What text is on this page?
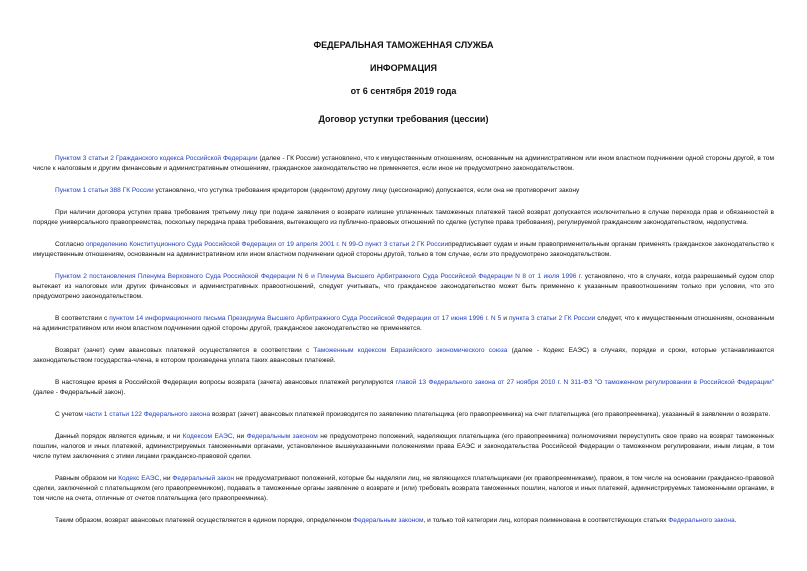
ФЕДЕРАЛЬНАЯ ТАМОЖЕННАЯ СЛУЖБА
ИНФОРМАЦИЯ
от 6 сентября 2019 года
Договор уступки требования (цессии)

Пунктом 3 статьи 2 Гражданского кодекса Российской Федерации (далее - ГК России) установлено, что к имущественным отношениям, основанным на административном или ином властном подчинении одной стороны другой, в том числе к налоговым и другим финансовым и административным отношениям, гражданское законодательство не применяется, если иное не предусмотрено законодательством.

Пунктом 1 статьи 388 ГК России установлено, что уступка требования кредитором (цедентом) другому лицу (цессионарию) допускается, если она не противоречит закону

При наличии договора уступки права требования третьему лицу при подаче заявления о возврате излишне уплаченных таможенных платежей такой возврат допускается исключительно в случае перехода прав и обязанностей в порядке универсального правопреемства, поскольку передача права требования, вытекающего из публично-правовых отношений по сделке (уступке права требования), регулируемой гражданским законодательством, недопустима.

Согласно определению Конституционного Суда Российской Федерации от 19 апреля 2001 г. N 99-О пункт 3 статьи 2 ГК Россиипредписывает судам и иным правоприменительным органам применять гражданское законодательство к имущественным отношениям, основанным на административном или ином властном подчинении одной стороны другой, только в том случае, если это предусмотрено законодательством.

Пунктом 2 постановления Пленума Верховного Суда Российской Федерации N 6 и Пленума Высшего Арбитражного Суда Российской Федерации N 8 от 1 июля 1996 г. установлено, что в случаях, когда разрешаемый судом спор вытекает из налоговых или других финансовых и административных правоотношений, следует учитывать, что гражданское законодательство может быть применено к указанным правоотношениям только при условии, что это предусмотрено законодательством.

В соответствии с пунктом 14 информационного письма Президиума Высшего Арбитражного Суда Российской Федерации от 17 июня 1996 г. N 5 и пункта 3 статьи 2 ГК России следует, что к имущественным отношениям, основанным на административном или ином властном подчинении одной стороны другой, гражданское законодательство не применяется.

Возврат (зачет) сумм авансовых платежей осуществляется в соответствии с Таможенным кодексом Евразийского экономического союза (далее - Кодекс ЕАЭС) в случаях, порядке и сроки, которые устанавливаются законодательством государства-члена, в котором произведена уплата таких авансовых платежей.

В настоящее время в Российской Федерации вопросы возврата (зачета) авансовых платежей регулируются главой 13 Федерального закона от 27 ноября 2010 г. N 311-ФЗ "О таможенном регулировании в Российской Федерации" (далее - Федеральный закон).

С учетом части 1 статьи 122 Федерального закона возврат (зачет) авансовых платежей производится по заявлению плательщика (его правопреемника) на счет плательщика (его правопреемника), указанный в заявлении о возврате.

Данный порядок является единым, и ни Кодексом ЕАЭС, ни Федеральным законом не предусмотрено положений, наделяющих плательщика (его правопреемника) полномочиями переуступить свое право на возврат таможенных пошлин, налогов и иных платежей, администрируемых таможенными органами, установленное вышеуказанными положениями права ЕАЭС и законодательства Российской Федерации о таможенном регулировании, иным лицам, в том числе путем заключения с этими лицами гражданско-правовой сделки.

Равным образом ни Кодекс ЕАЭС, ни Федеральный закон не предусматривают положений, которые бы наделяли лиц, не являющихся плательщиками (их правопреемниками), правом, в том числе на основании гражданско-правовой сделки, заключенной с плательщиком (его правопреемником), подавать в таможенные органы заявление о возврате и (или) требовать возврата таможенных пошлин, налогов и иных платежей, администрируемых таможенными органами, в том числе на счета, отличные от счетов плательщика (его правопреемника).

Таким образом, возврат авансовых платежей осуществляется в едином порядке, определенном Федеральным законом, и только той категории лиц, которая поименована в соответствующих статьях Федерального закона.
